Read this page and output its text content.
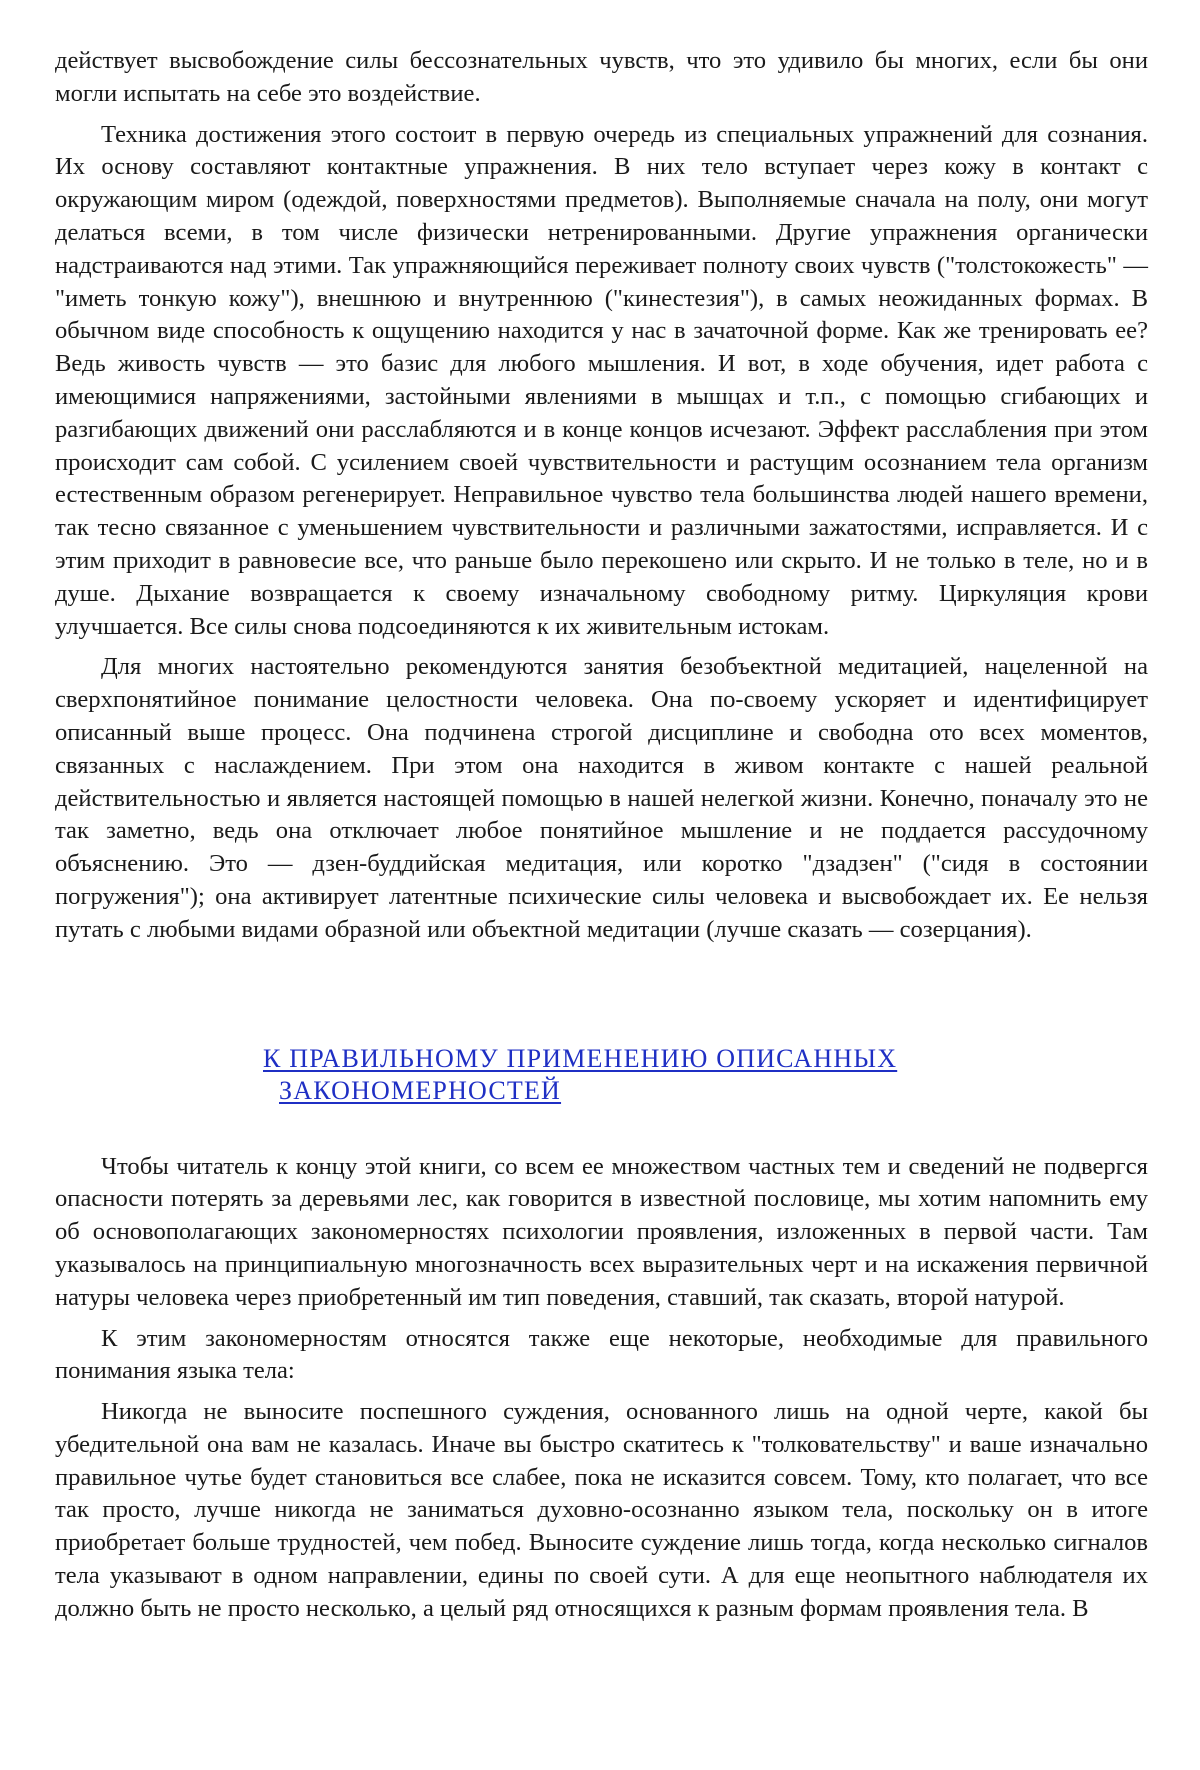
действует высвобождение силы бессознательных чувств, что это удивило бы многих, если бы они могли испытать на себе это воздействие.

Техника достижения этого состоит в первую очередь из специальных упражнений для сознания. Их основу составляют контактные упражнения. В них тело вступает через кожу в контакт с окружающим миром (одеждой, поверхностями предметов). Выполняемые сначала на полу, они могут делаться всеми, в том числе физически нетренированными. Другие упражнения органически надстраиваются над этими. Так упражняющийся переживает полноту своих чувств ("толстокожесть" — "иметь тонкую кожу"), внешнюю и внутреннюю ("кинестезия"), в самых неожиданных формах. В обычном виде способность к ощущению находится у нас в зачаточной форме. Как же тренировать ее? Ведь живость чувств — это базис для любого мышления. И вот, в ходе обучения, идет работа с имеющимися напряжениями, застойными явлениями в мышцах и т.п., с помощью сгибающих и разгибающих движений они расслабляются и в конце концов исчезают. Эффект расслабления при этом происходит сам собой. С усилением своей чувствительности и растущим осознанием тела организм естественным образом регенерирует. Неправильное чувство тела большинства людей нашего времени, так тесно связанное с уменьшением чувствительности и различными зажатостями, исправляется. И с этим приходит в равновесие все, что раньше было перекошено или скрыто. И не только в теле, но и в душе. Дыхание возвращается к своему изначальному свободному ритму. Циркуляция крови улучшается. Все силы снова подсоединяются к их живительным истокам.

Для многих настоятельно рекомендуются занятия безобъектной медитацией, нацеленной на сверхпонятийное понимание целостности человека. Она по-своему ускоряет и идентифицирует описанный выше процесс. Она подчинена строгой дисциплине и свободна ото всех моментов, связанных с наслаждением. При этом она находится в живом контакте с нашей реальной действительностью и является настоящей помощью в нашей нелегкой жизни. Конечно, поначалу это не так заметно, ведь она отключает любое понятийное мышление и не поддается рассудочному объяснению. Это — дзен-буддийская медитация, или коротко "дзадзен" ("сидя в состоянии погружения"); она активирует латентные психические силы человека и высвобождает их. Ее нельзя путать с любыми видами образной или объектной медитации (лучше сказать — созерцания).

К ПРАВИЛЬНОМУ ПРИМЕНЕНИЮ ОПИСАННЫХ
ЗАКОНОМЕРНОСТЕЙ

Чтобы читатель к концу этой книги, со всем ее множеством частных тем и сведений не подвергся опасности потерять за деревьями лес, как говорится в известной пословице, мы хотим напомнить ему об основополагающих закономерностях психологии проявления, изложенных в первой части. Там указывалось на принципиальную многозначность всех выразительных черт и на искажения первичной натуры человека через приобретенный им тип поведения, ставший, так сказать, второй натурой.

К этим закономерностям относятся также еще некоторые, необходимые для правильного понимания языка тела:

Никогда не выносите поспешного суждения, основанного лишь на одной черте, какой бы убедительной она вам не казалась. Иначе вы быстро скатитесь к "толковательству" и ваше изначально правильное чутье будет становиться все слабее, пока не исказится совсем. Тому, кто полагает, что все так просто, лучше никогда не заниматься духовно-осознанно языком тела, поскольку он в итоге приобретает больше трудностей, чем побед. Выносите суждение лишь тогда, когда несколько сигналов тела указывают в одном направлении, едины по своей сути. А для еще неопытного наблюдателя их должно быть не просто несколько, а целый ряд относящихся к разным формам проявления тела. В
